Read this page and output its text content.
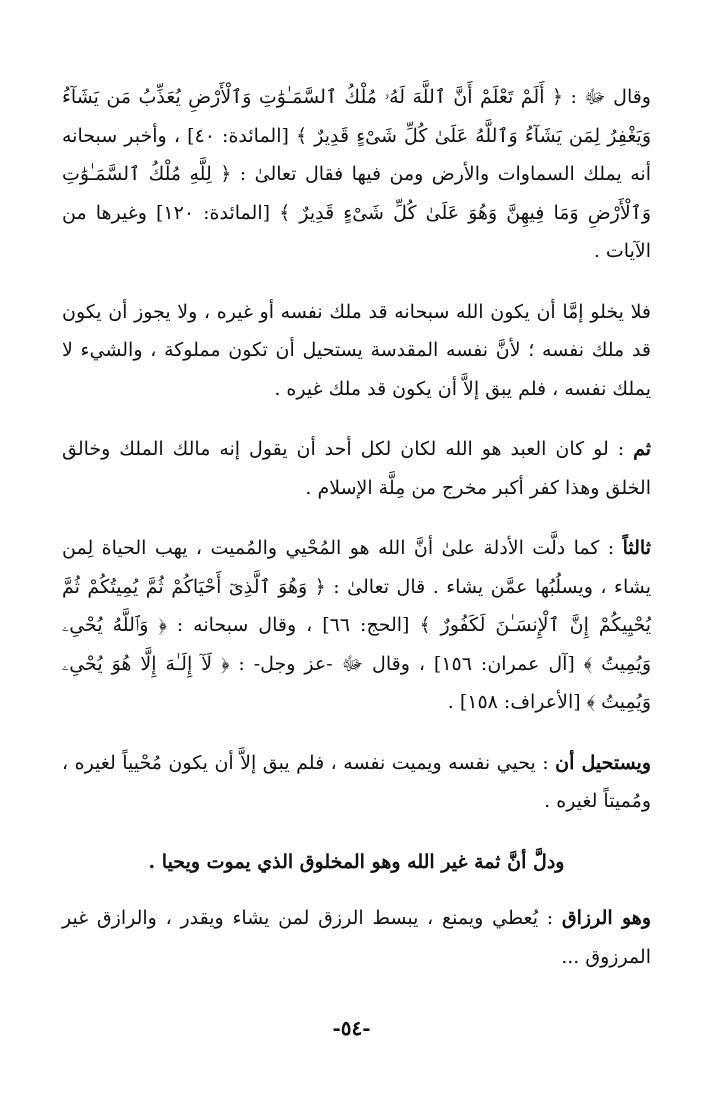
وقال ﷻ : ﴿ أَلَمْ تَعْلَمْ أَنَّ ٱللَّهَ لَهُۥ مُلْكُ ٱلسَّمَـٰوَٰتِ وَٱلْأَرْضِ يُعَذِّبُ مَن يَشَآءُ وَيَغْفِرُ لِمَن يَشَآءُ وَٱللَّهُ عَلَىٰ كُلِّ شَىْءٍ قَدِيرٌ ﴾ [المائدة: ٤٠] ، وأخبر سبحانه أنه يملك السماوات والأرض ومن فيها فقال تعالىٰ : ﴿ لِلَّهِ مُلْكُ ٱلسَّمَـٰوَٰتِ وَٱلْأَرْضِ وَمَا فِيهِنَّ وَهُوَ عَلَىٰ كُلِّ شَىْءٍ قَدِيرٌ ﴾ [المائدة: ١٢٠] وغيرها من الآيات .

فلا يخلو إمَّا أن يكون الله سبحانه قد ملك نفسه أو غيره ، ولا يجوز أن يكون قد ملك نفسه ؛ لأنَّ نفسه المقدسة يستحيل أن تكون مملوكة ، والشيء لا يملك نفسه ، فلم يبق إلاَّ أن يكون قد ملك غيره .

ثم : لو كان العبد هو الله لكان لكل أحد أن يقول إنه مالك الملك وخالق الخلق وهذا كفر أكبر مخرج من مِلَّة الإسلام .

ثالثاً : كما دلَّت الأدلة علىٰ أنَّ الله هو المُحْيي والمُميت ، يهب الحياة لِمن يشاء ، ويسلُبُها عمَّن يشاء . قال تعالىٰ : ﴿ وَهُوَ ٱلَّذِىٓ أَحْيَاكُمْ ثُمَّ يُمِيتُكُمْ ثُمَّ يُحْيِيكُمْ إِنَّ ٱلْإِنسَـٰنَ لَكَفُورٌ ﴾ [الحج: ٦٦] ، وقال سبحانه : ﴿ وَٱللَّهُ يُحْىِۦ وَيُمِيتُ ﴾ [آل عمران: ١٥٦] ، وقال ﷻ -عز وجل- : ﴿ لَآ إِلَـٰهَ إِلَّا هُوَ يُحْىِۦ وَيُمِيتُ ﴾ [الأعراف: ١٥٨] .

ويستحيل أن : يحيي نفسه ويميت نفسه ، فلم يبق إلاَّ أن يكون مُحْيياً لغيره ، ومُميتاً لغيره .

ودلَّ أنَّ ثمة غير الله وهو المخلوق الذي يموت ويحيا .

وهو الرزاق : يُعطي ويمنع ، يبسط الرزق لمن يشاء ويقدر ، والرازق غير المرزوق ...

-٥٤-
